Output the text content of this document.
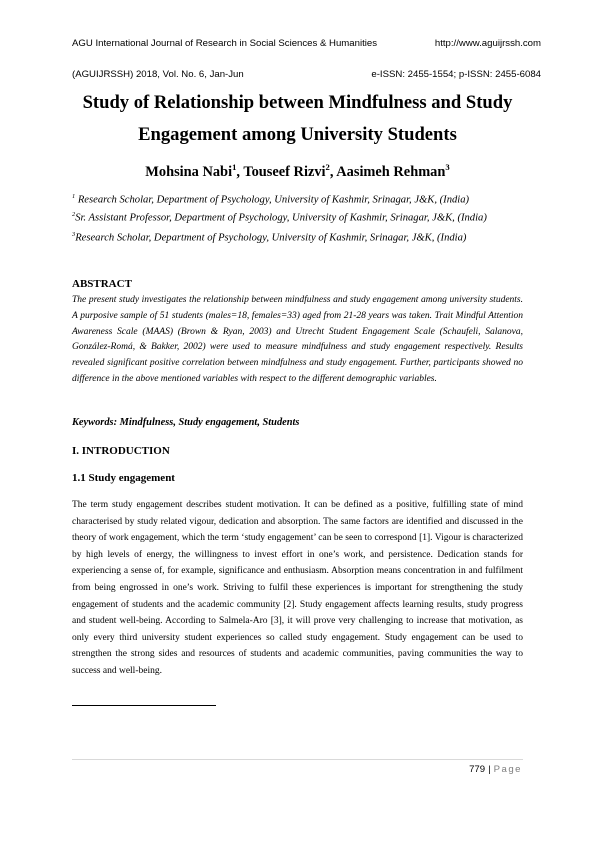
AGU International Journal of Research in Social Sciences & Humanities	http://www.aguijrssh.com
(AGUIJRSSH) 2018, Vol. No. 6, Jan-Jun	e-ISSN: 2455-1554; p-ISSN: 2455-6084
Study of Relationship between Mindfulness and Study
Engagement among University Students
Mohsina Nabi$^1$, Touseef Rizvi$^2$, Aasimeh Rehman$^3$
$^1$ Research Scholar, Department of Psychology, University of Kashmir, Srinagar, J&K, (India)
$^2$Sr. Assistant Professor, Department of Psychology, University of Kashmir, Srinagar, J&K, (India)
$^3$Research Scholar, Department of Psychology, University of Kashmir, Srinagar, J&K, (India)
ABSTRACT
The present study investigates the relationship between mindfulness and study engagement among university students. A purposive sample of 51 students (males=18, females=33) aged from 21-28 years was taken. Trait Mindful Attention Awareness Scale (MAAS) (Brown & Ryan, 2003) and Utrecht Student Engagement Scale (Schaufeli, Salanova, González-Romá, & Bakker, 2002) were used to measure mindfulness and study engagement respectively. Results revealed significant positive correlation between mindfulness and study engagement. Further, participants showed no difference in the above mentioned variables with respect to the different demographic variables.
Keywords: Mindfulness, Study engagement, Students
I. INTRODUCTION
1.1 Study engagement
The term study engagement describes student motivation. It can be defined as a positive, fulfilling state of mind characterised by study related vigour, dedication and absorption. The same factors are identified and discussed in the theory of work engagement, which the term ‘study engagement’ can be seen to correspond [1]. Vigour is characterized by high levels of energy, the willingness to invest effort in one’s work, and persistence. Dedication stands for experiencing a sense of, for example, significance and enthusiasm. Absorption means concentration in and fulfilment from being engrossed in one’s work. Striving to fulfil these experiences is important for strengthening the study engagement of students and the academic community [2]. Study engagement affects learning results, study progress and student well-being. According to Salmela-Aro [3], it will prove very challenging to increase that motivation, as only every third university student experiences so called study engagement. Study engagement can be used to strengthen the strong sides and resources of students and academic communities, paving communities the way to success and well-being.
779 | Page
